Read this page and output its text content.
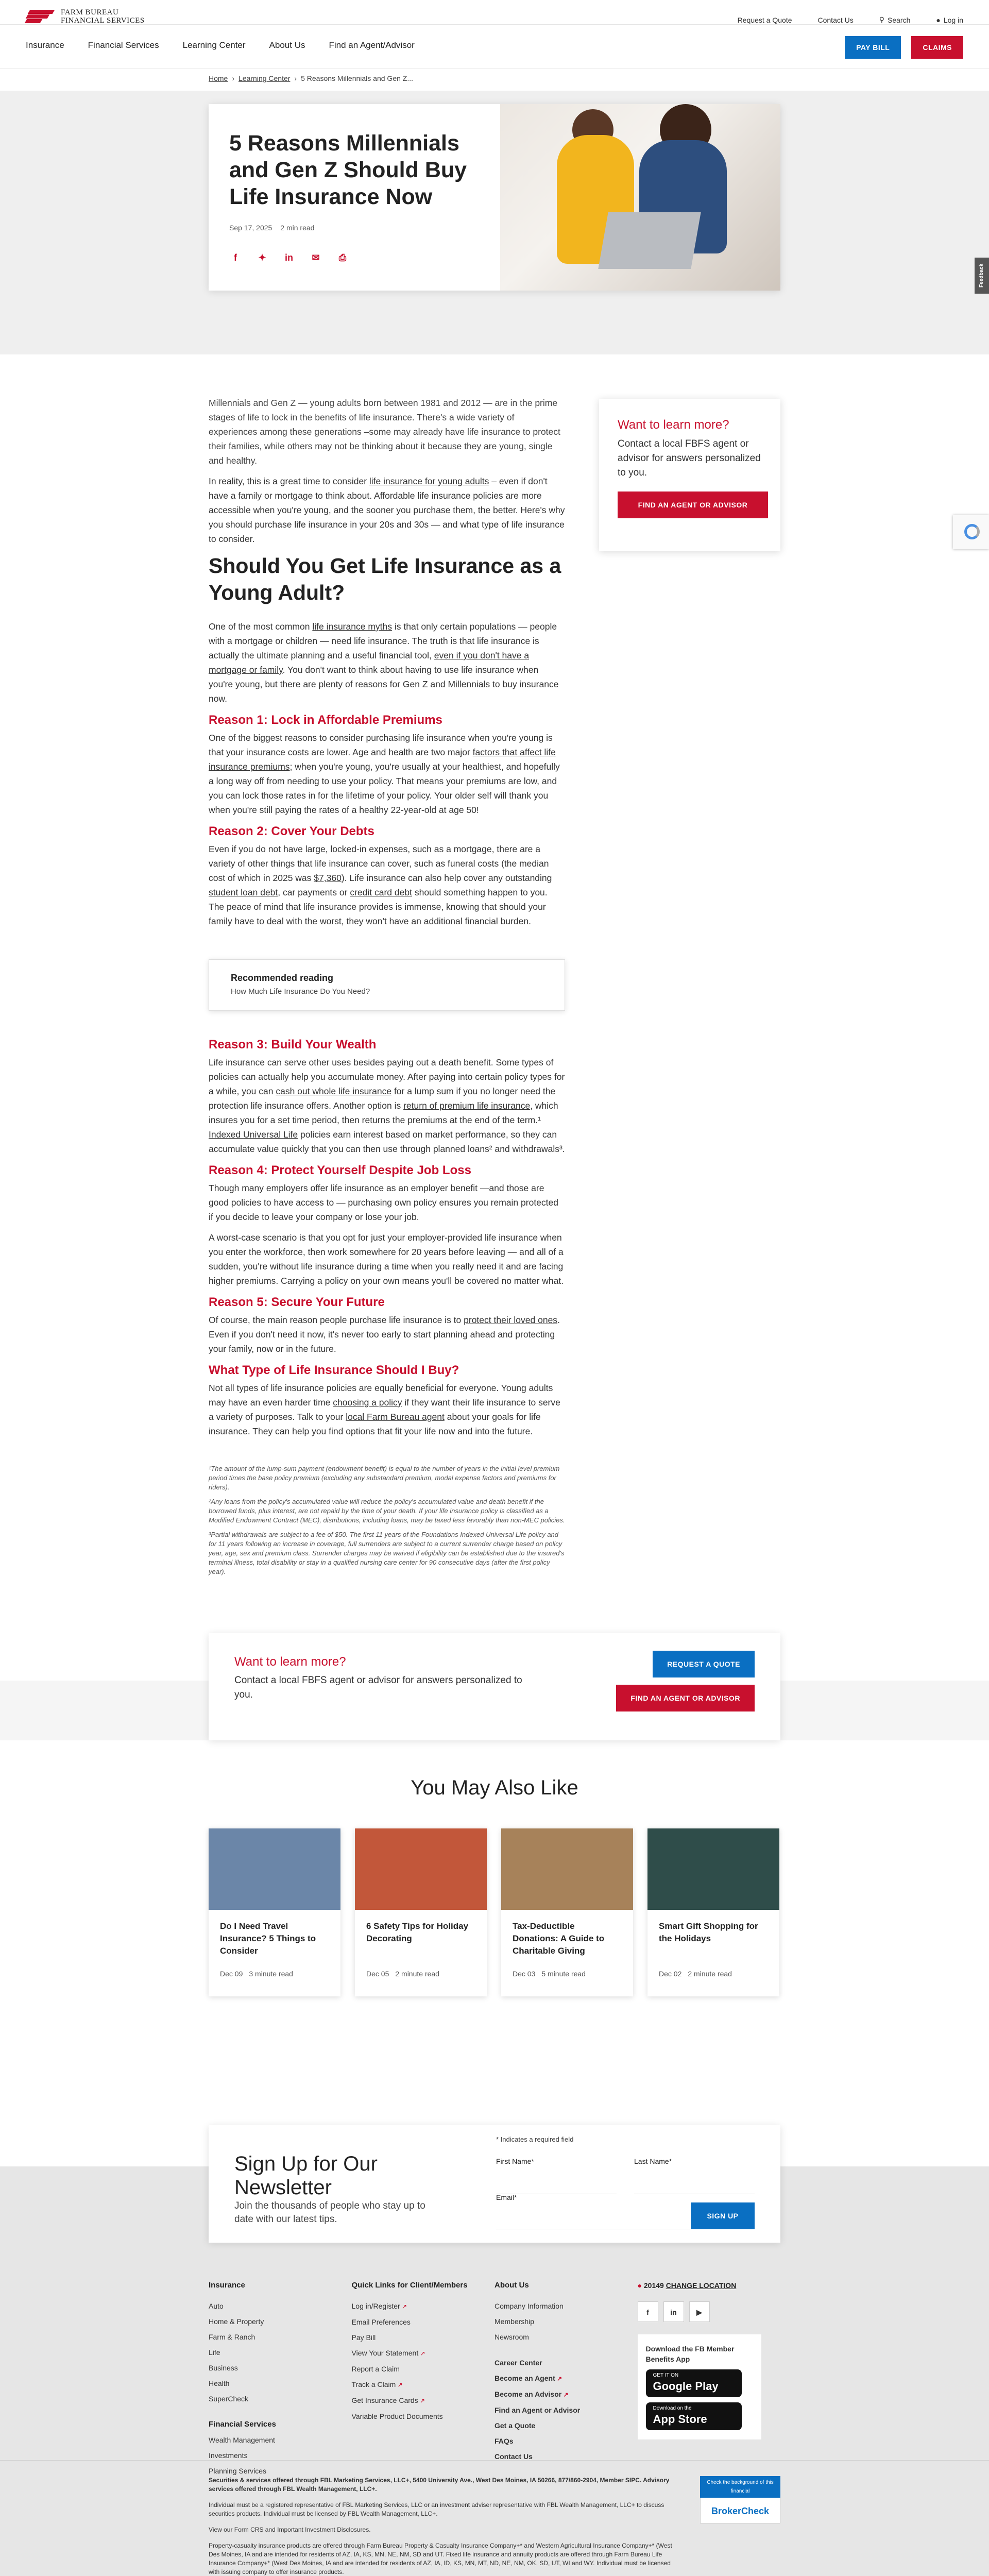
FARM BUREAU
FINANCIAL SERVICES	Request a Quote	Contact Us	⚲ Search	● Log in
Insurance	Financial Services	Learning Center	About Us	Find an Agent/Advisor	PAY BILL	CLAIMS
Home › Learning Center › 5 Reasons Millennials and Gen Z...
5 Reasons Millennials and Gen Z Should Buy Life Insurance Now
Sep 17, 2025 2 min read
f	✦ in ✉ ⎙
Feedback

Millennials and Gen Z — young adults born between 1981 and 2012 — are in the prime stages of life to lock in the benefits of life insurance. There's a wide variety of experiences among these generations –some may already have life insurance to protect their families, while others may not be thinking about it because they are young, single and healthy.

In reality, this is a great time to consider life insurance for young adults – even if don't have a family or mortgage to think about. Affordable life insurance policies are more accessible when you're young, and the sooner you purchase them, the better. Here's why you should purchase life insurance in your 20s and 30s — and what type of life insurance to consider.

Should You Get Life Insurance as a Young Adult?

One of the most common life insurance myths is that only certain populations — people with a mortgage or children — need life insurance. The truth is that life insurance is actually the ultimate planning and a useful financial tool, even if you don't have a mortgage or family. You don't want to think about having to use life insurance when you're young, but there are plenty of reasons for Gen Z and Millennials to buy insurance now.

Reason 1: Lock in Affordable Premiums

One of the biggest reasons to consider purchasing life insurance when you're young is that your insurance costs are lower. Age and health are two major factors that affect life insurance premiums; when you're young, you're usually at your healthiest, and hopefully a long way off from needing to use your policy. That means your premiums are low, and you can lock those rates in for the lifetime of your policy. Your older self will thank you when you're still paying the rates of a healthy 22-year-old at age 50!

Reason 2: Cover Your Debts

Even if you do not have large, locked-in expenses, such as a mortgage, there are a variety of other things that life insurance can cover, such as funeral costs (the median cost of which in 2025 was $7,360). Life insurance can also help cover any outstanding student loan debt, car payments or credit card debt should something happen to you. The peace of mind that life insurance provides is immense, knowing that should your family have to deal with the worst, they won't have an additional financial burden.

Recommended reading
How Much Life Insurance Do You Need?
Reason 3: Build Your Wealth

Life insurance can serve other uses besides paying out a death benefit. Some types of policies can actually help you accumulate money. After paying into certain policy types for a while, you can cash out whole life insurance for a lump sum if you no longer need the protection life insurance offers. Another option is return of premium life insurance, which insures you for a set time period, then returns the premiums at the end of the term.¹ Indexed Universal Life policies earn interest based on market performance, so they can accumulate value quickly that you can then use through planned loans² and withdrawals³.

Reason 4: Protect Yourself Despite Job Loss

Though many employers offer life insurance as an employer benefit —and those are good policies to have access to — purchasing own policy ensures you remain protected if you decide to leave your company or lose your job.

A worst-case scenario is that you opt for just your employer-provided life insurance when you enter the workforce, then work somewhere for 20 years before leaving — and all of a sudden, you're without life insurance during a time when you really need it and are facing higher premiums. Carrying a policy on your own means you'll be covered no matter what.

Reason 5: Secure Your Future

Of course, the main reason people purchase life insurance is to protect their loved ones. Even if you don't need it now, it's never too early to start planning ahead and protecting your family, now or in the future.

What Type of Life Insurance Should I Buy?

Not all types of life insurance policies are equally beneficial for everyone. Young adults may have an even harder time choosing a policy if they want their life insurance to serve a variety of purposes. Talk to your local Farm Bureau agent about your goals for life insurance. They can help you find options that fit your life now and into the future.

¹The amount of the lump-sum payment (endowment benefit) is equal to the number of years in the initial level premium period times the base policy premium (excluding any substandard premium, modal expense factors and premiums for riders).

²Any loans from the policy's accumulated value will reduce the policy's accumulated value and death benefit if the borrowed funds, plus interest, are not repaid by the time of your death. If your life insurance policy is classified as a Modified Endowment Contract (MEC), distributions, including loans, may be taxed less favorably than non-MEC policies.

³Partial withdrawals are subject to a fee of $50. The first 11 years of the Foundations Indexed Universal Life policy and for 11 years following an increase in coverage, full surrenders are subject to a current surrender charge based on policy year, age, sex and premium class. Surrender charges may be waived if eligibility can be established due to the insured's terminal illness, total disability or stay in a qualified nursing care center for 90 consecutive days (after the first policy year).

Want to learn more?
Contact a local FBFS agent or advisor for answers personalized to you.
FIND AN AGENT OR ADVISOR
Want to learn more?
Contact a local FBFS agent or advisor for answers personalized to you.
REQUEST A QUOTE
FIND AN AGENT OR ADVISOR
You May Also Like
Do I Need Travel Insurance? 5 Things to Consider
Dec 09 3 minute read
6 Safety Tips for Holiday Decorating
Dec 05 2 minute read
Tax-Deductible Donations: A Guide to Charitable Giving
Dec 03 5 minute read
Smart Gift Shopping for the Holidays
Dec 02 2 minute read
Sign Up for Our Newsletter
Join the thousands of people who stay up to date with our latest tips.
* Indicates a required field
First Name*	Last Name*
Email*
SIGN UP
Insurance
Auto
Home & Property
Farm & Ranch
Life
Business
Health
SuperCheck
Financial Services
Wealth Management
Investments
Planning Services
Quick Links for Client/Members
Log in/Register ↗
Email Preferences
Pay Bill
View Your Statement ↗
Report a Claim
Track a Claim ↗
Get Insurance Cards ↗
Variable Product Documents
About Us
Company Information
Membership
Newsroom
Career Center
Become an Agent ↗
Become an Advisor ↗
Find an Agent or Advisor
Get a Quote
FAQs
Contact Us
● 20149 CHANGE LOCATION
f	in	▶
Download the FB Member Benefits App
GET IT ON
Google Play
Download on the
App Store

Securities & services offered through FBL Marketing Services, LLC+, 5400 University Ave., West Des Moines, IA 50266, 877/860-2904, Member SIPC. Advisory services offered through FBL Wealth Management, LLC+.

Individual must be a registered representative of FBL Marketing Services, LLC or an investment adviser representative with FBL Wealth Management, LLC+ to discuss securities products. Individual must be licensed by FBL Wealth Management, LLC+.

View our Form CRS and Important Investment Disclosures.

Property-casualty insurance products are offered through Farm Bureau Property & Casualty Insurance Company+* and Western Agricultural Insurance Company+* (West Des Moines, IA and are intended for residents of AZ, IA, KS, MN, NE, NM, SD and UT. Fixed life insurance and annuity products are offered through Farm Bureau Life Insurance Company+* (West Des Moines, IA and are intended for residents of AZ, IA, ID, KS, MN, MT, ND, NE, NM, OK, SD, UT, WI and WY. Individual must be licensed with issuing company to offer insurance products.

Check the background of this financial
BrokerCheck
